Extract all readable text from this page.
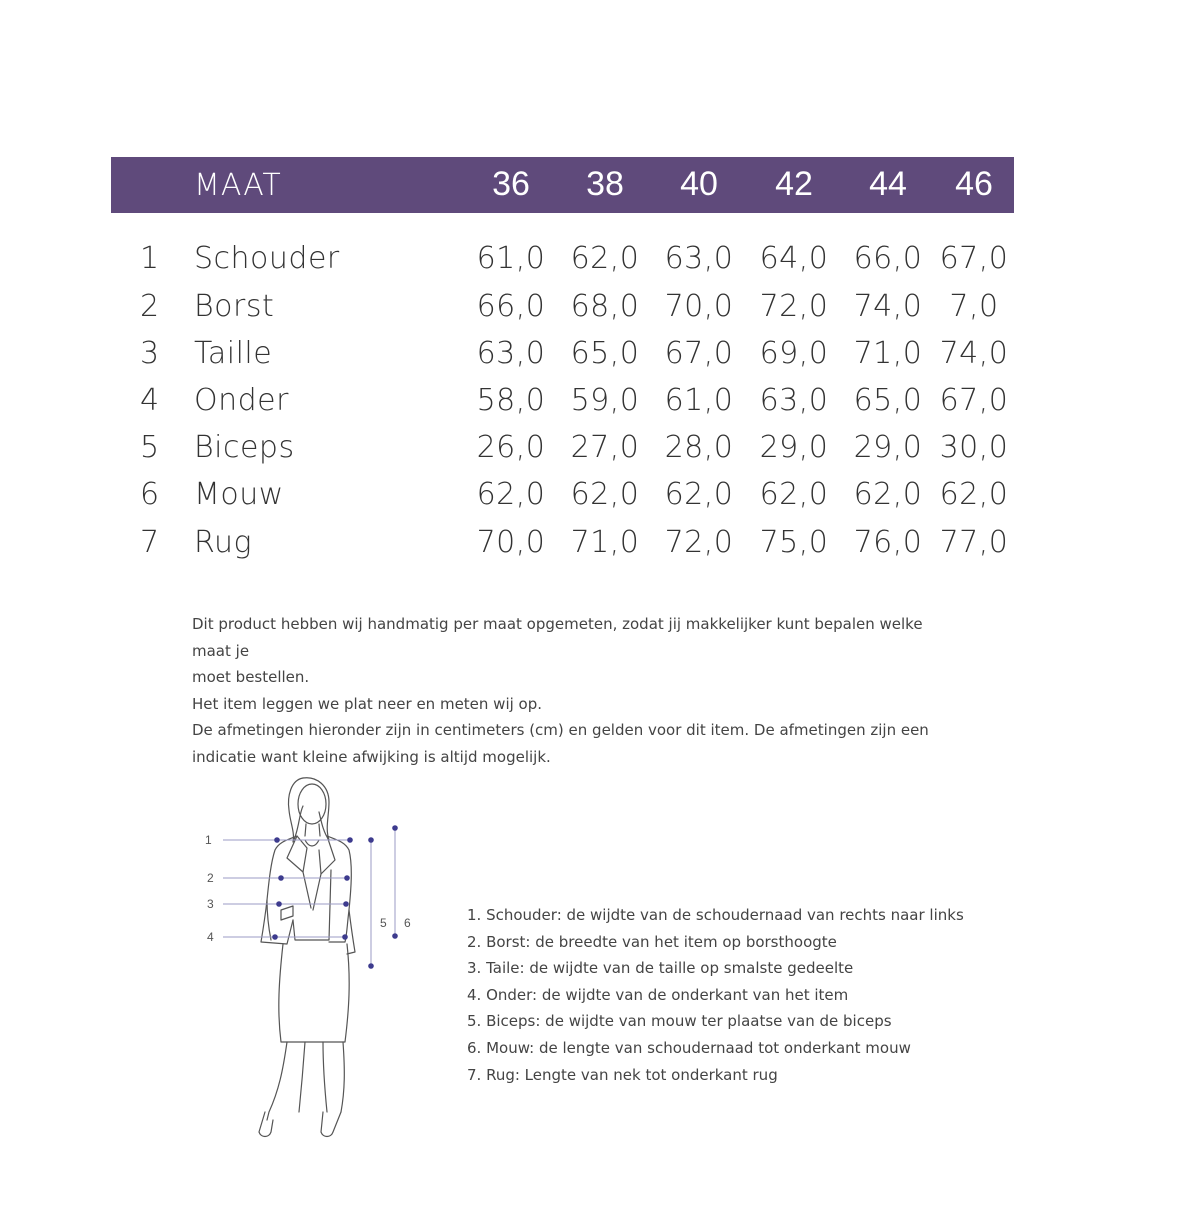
MAAT	36	38	40	42	44	46
1 Schouder	61,0 62,0 63,0 64,0 66,0 67,0
2 Borst	66,0 68,0 70,0 72,0 74,0 7,0
3 Taille	63,0 65,0 67,0 69,0 71,0 74,0
4 Onder	58,0 59,0 61,0 63,0 65,0 67,0
5 Biceps	26,0 27,0 28,0 29,0 29,0 30,0
6 Mouw	62,0 62,0 62,0 62,0 62,0 62,0
7 Rug	70,0 71,0 72,0 75,0 76,0 77,0

Dit product hebben wij handmatig per maat opgemeten, zodat jij makkelijker kunt bepalen welke maat je

moet bestellen.

Het item leggen we plat neer en meten wij op.

De afmetingen hieronder zijn in centimeters (cm) en gelden voor dit item. De afmetingen zijn een

indicatie want kleine afwijking is altijd mogelijk.

1
2
3
4
5 6	1. Schouder: de wijdte van de schoudernaad van rechts naar links

2. Borst: de breedte van het item op borsthoogte

3. Taile: de wijdte van de taille op smalste gedeelte

4. Onder: de wijdte van de onderkant van het item

5. Biceps: de wijdte van mouw ter plaatse van de biceps

6. Mouw: de lengte van schoudernaad tot onderkant mouw

7. Rug: Lengte van nek tot onderkant rug
